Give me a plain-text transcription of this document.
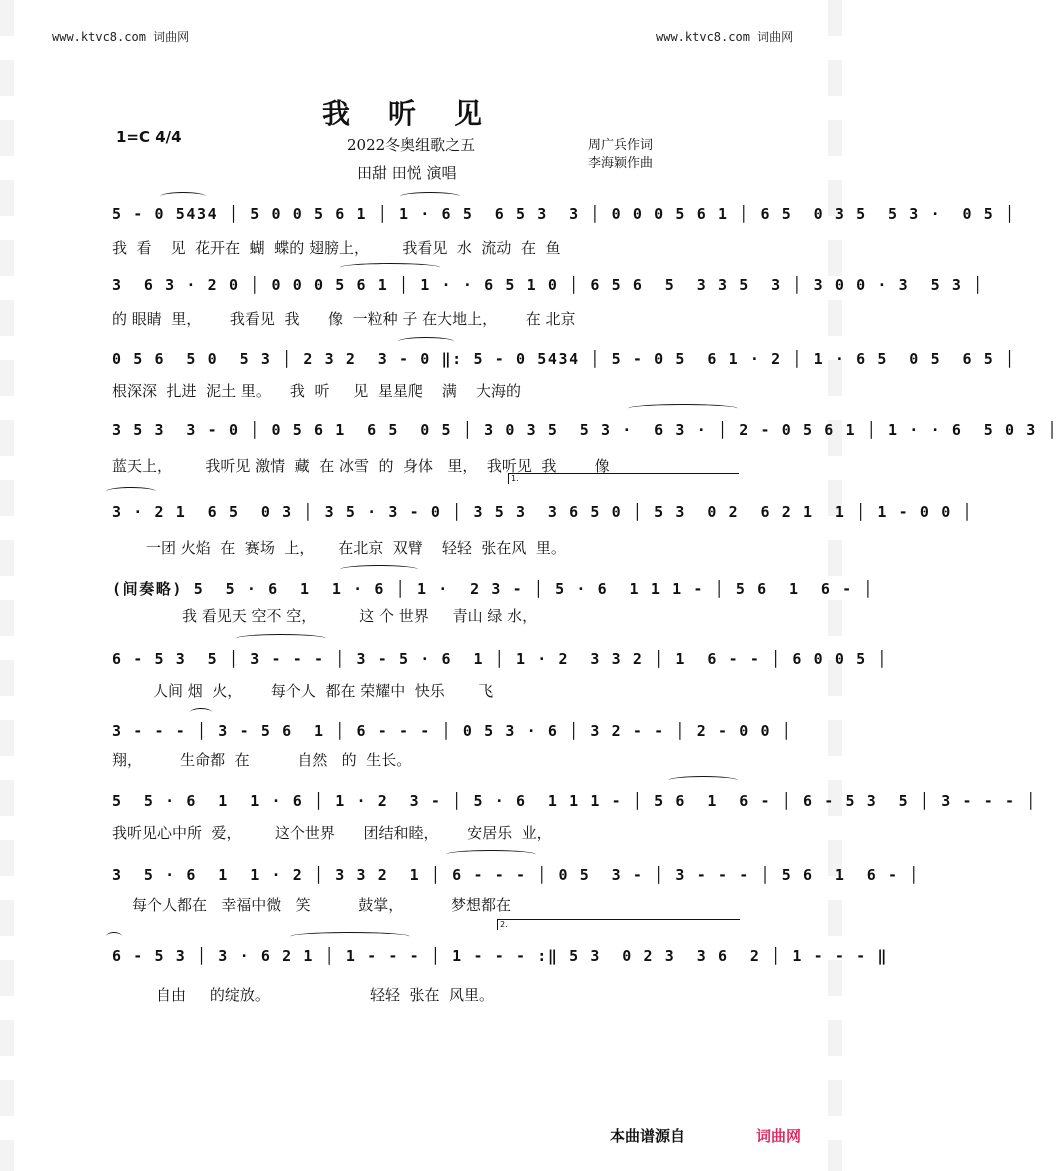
www.ktvc8.com 词曲网	www.ktvc8.com 词曲网
我听见
1=C 4/4	2022冬奥组歌之五
田甜 田悦 演唱
周广兵作词
李海颖作曲
5 - 0 5434 │ 5 0 0 5 6 1 │ 1 · 6 5  6 5 3  3 │ 0 0 0 5 6 1 │ 6 5  0 3 5  5 3 ·  0 5 │
我  看    见  花开在  蝴  蝶的 翅膀上，       我看见  水  流动  在  鱼
3  6 3 · 2 0 │ 0 0 0 5 6 1 │ 1 · · 6 5 1 0 │ 6 5 6  5  3 3 5  3 │ 3 0 0 · 3  5 3 │
的 眼睛  里，      我看见  我      像  一粒种 子 在大地上，      在 北京
0 5 6  5 0  5 3 │ 2 3 2  3 - 0 ‖: 5 - 0 5434 │ 5 - 0 5  6 1 · 2 │ 1 · 6 5  0 5  6 5 │
根深深  扎进  泥土 里。    我  听     见  星星爬    满    大海的
3 5 3  3 - 0 │ 0 5 6 1  6 5  0 5 │ 3 0 3 5  5 3 ·  6 3 · │ 2 - 0 5 6 1 │ 1 · · 6  5 0 3 │
蓝天上，       我听见 激情  藏  在 冰雪  的  身体   里，  我听见  我        像
1.
3 · 2 1  6 5  0 3 │ 3 5 · 3 - 0 │ 3 5 3  3 6 5 0 │ 5 3  0 2  6 2 1  1 │ 1 - 0 0 │
一团 火焰  在  赛场  上，     在北京  双臂    轻轻  张在风  里。
(间奏略) 5  5 · 6  1  1 · 6 │ 1 ·  2 3 - │ 5 · 6  1 1 1 - │ 5 6  1  6 - │
我 看见天 空不 空，         这 个 世界     青山 绿 水，
6 - 5 3  5 │ 3 - - - │ 3 - 5 · 6  1 │ 1 · 2  3 3 2 │ 1  6 - - │ 6 0 0 5 │
人间 烟  火，      每个人  都在 荣耀中  快乐       飞
3 - - - │ 3 - 5 6  1 │ 6 - - - │ 0 5 3 · 6 │ 3 2 - - │ 2 - 0 0 │
翔，        生命都  在          自然   的  生长。
5  5 · 6  1  1 · 6 │ 1 · 2  3 - │ 5 · 6  1 1 1 - │ 5 6  1  6 - │ 6 - 5 3  5 │ 3 - - - │
我听见心中所  爱，       这个世界      团结和睦，      安居乐  业，
3  5 · 6  1  1 · 2 │ 3 3 2  1 │ 6 - - - │ 0 5  3 - │ 3 - - - │ 5 6  1  6 - │
每个人都在   幸福中微   笑          鼓掌，          梦想都在
2.
6 - 5 3 │ 3 · 6 2 1 │ 1 - - - │ 1 - - - :‖ 5 3  0 2 3  3 6  2 │ 1 - - - ‖
自由     的绽放。                     轻轻  张在  风里。
本曲谱源自	词曲网
